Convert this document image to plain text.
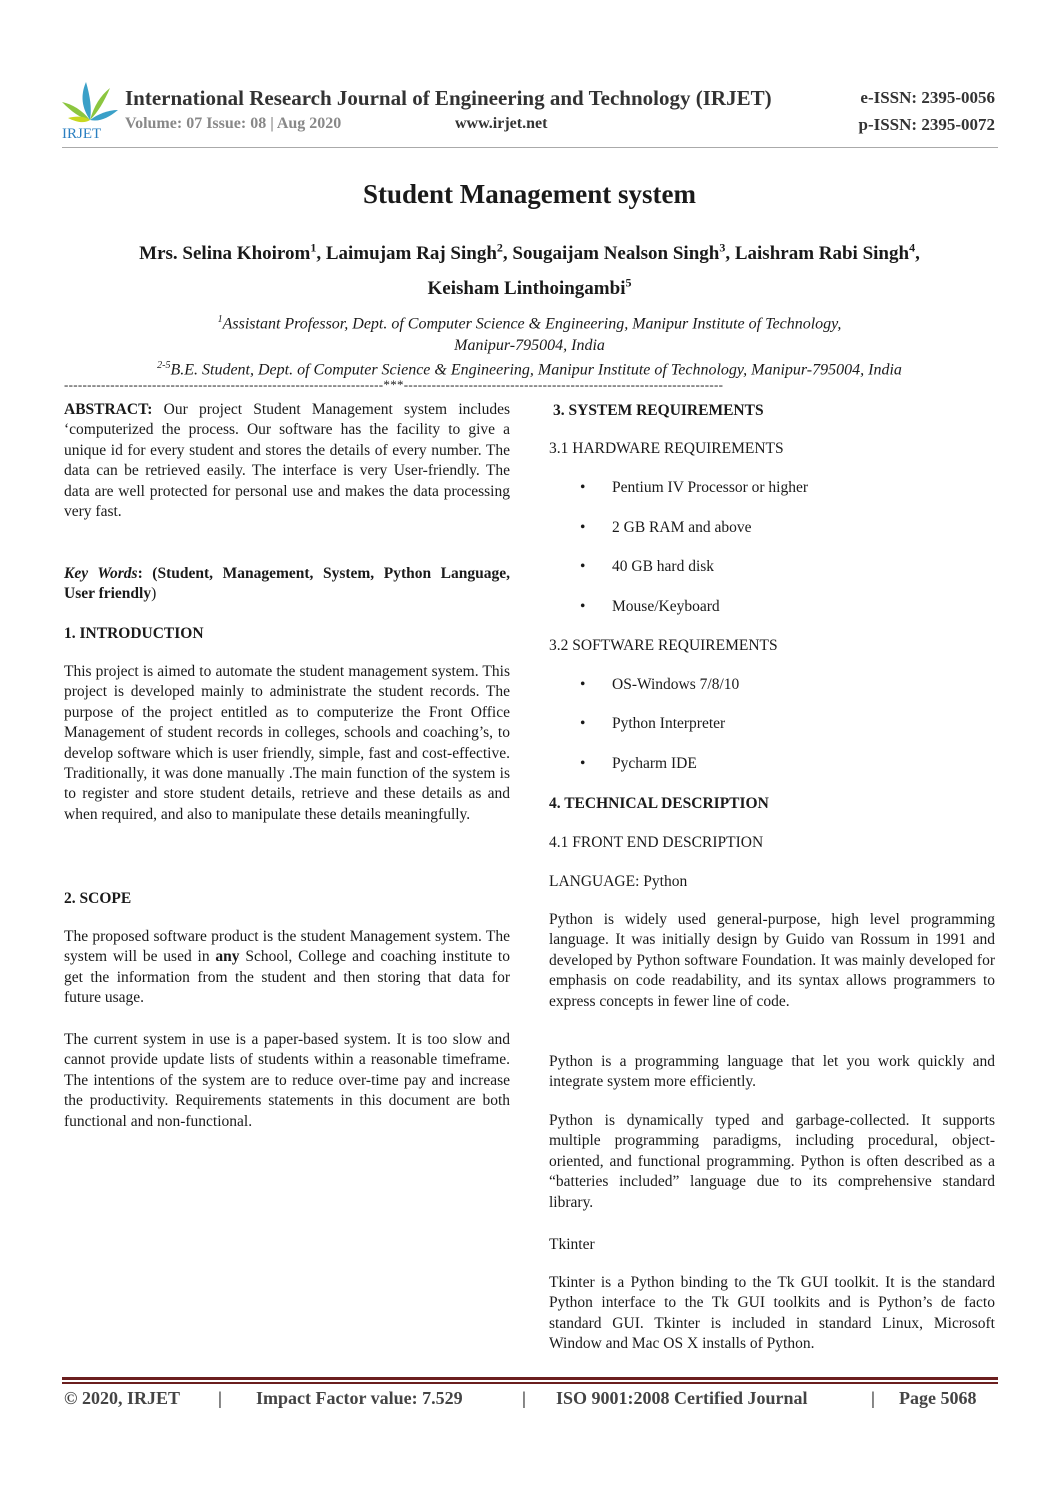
IRJET
International Research Journal of Engineering and Technology (IRJET)	e-ISSN: 2395-0056
Volume: 07 Issue: 08 | Aug 2020	www.irjet.net	p-ISSN: 2395-0072
Student Management system
Mrs. Selina Khoirom$^1$, Laimujam Raj Singh$^2$, Sougaijam Nealson Singh$^3$, Laishram Rabi Singh$^4$,
Keisham Linthoingambi$^5$
$^1$Assistant Professor, Dept. of Computer Science & Engineering, Manipur Institute of Technology,
Manipur-795004, India
$^{2-5}$B.E. Student, Dept. of Computer Science & Engineering, Manipur Institute of Technology, Manipur-795004, India
---------------------------------------------------------------------***---------------------------------------------------------------------
ABSTRACT: Our project Student Management system includes ‘computerized the process. Our software has the facility to give a unique id for every student and stores the details of every number. The data can be retrieved easily. The interface is very User-friendly. The data are well protected for personal use and makes the data processing very fast.
Key Words: (Student, Management, System, Python Language, User friendly)
1. INTRODUCTION
This project is aimed to automate the student management system. This project is developed mainly to administrate the student records. The purpose of the project entitled as to computerize the Front Office Management of student records in colleges, schools and coaching’s, to develop software which is user friendly, simple, fast and cost-effective. Traditionally, it was done manually .The main function of the system is to register and store student details, retrieve and these details as and when required, and also to manipulate these details meaningfully.
2. SCOPE
The proposed software product is the student Management system. The system will be used in any School, College and coaching institute to get the information from the student and then storing that data for future usage.
The current system in use is a paper-based system. It is too slow and cannot provide update lists of students within a reasonable timeframe. The intentions of the system are to reduce over-time pay and increase the productivity. Requirements statements in this document are both functional and non-functional.
3. SYSTEM REQUIREMENTS
3.1 HARDWARE REQUIREMENTS
• Pentium IV Processor or higher
• 2 GB RAM and above
• 40 GB hard disk
• Mouse/Keyboard
3.2 SOFTWARE REQUIREMENTS
• OS-Windows 7/8/10
• Python Interpreter
• Pycharm IDE
4. TECHNICAL DESCRIPTION
4.1 FRONT END DESCRIPTION
LANGUAGE: Python
Python is widely used general-purpose, high level programming language. It was initially design by Guido van Rossum in 1991 and developed by Python software Foundation. It was mainly developed for emphasis on code readability, and its syntax allows programmers to express concepts in fewer line of code.
Python is a programming language that let you work quickly and integrate system more efficiently.
Python is dynamically typed and garbage-collected. It supports multiple programming paradigms, including procedural, object-oriented, and functional programming. Python is often described as a “batteries included” language due to its comprehensive standard library.
Tkinter
Tkinter is a Python binding to the Tk GUI toolkit. It is the standard Python interface to the Tk GUI toolkits and is Python’s de facto standard GUI. Tkinter is included in standard Linux, Microsoft Window and Mac OS X installs of Python.
© 2020, IRJET | Impact Factor value: 7.529	| ISO 9001:2008 Certified Journal	| Page 5068
